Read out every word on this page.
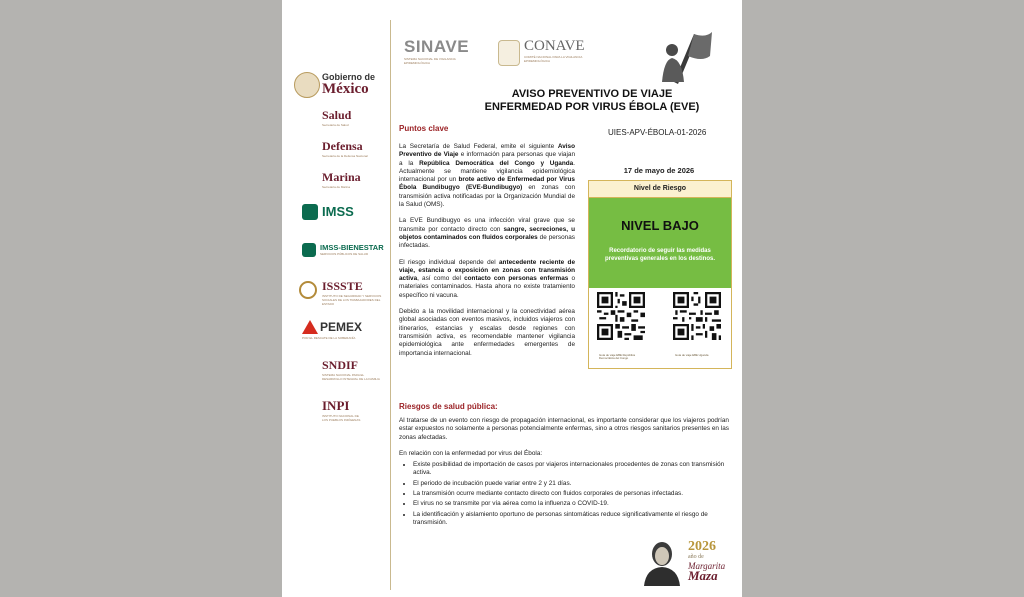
Gobierno de
México
Salud
Secretaría de Salud
Defensa
Secretaría de la Defensa Nacional
Marina
Secretaría de Marina
IMSS
IMSS-BIENESTAR
SERVICIOS PÚBLICOS DE SALUD
ISSSTE
INSTITUTO DE SEGURIDAD Y SERVICIOS SOCIALES DE LOS TRABAJADORES DEL ESTADO
PEMEX
POR EL RESCATE DE LA SOBERANÍA
SNDIF
SISTEMA NACIONAL PARA EL DESARROLLO INTEGRAL DE LA FAMILIA
INPI
INSTITUTO NACIONAL DE LOS PUEBLOS INDÍGENAS
SINAVE
SISTEMA NACIONAL DE VIGILANCIA EPIDEMIOLÓGICA
CONAVE
COMITÉ NACIONAL PARA LA VIGILANCIA EPIDEMIOLÓGICA
AVISO PREVENTIVO DE VIAJE
ENFERMEDAD POR VIRUS ÉBOLA (EVE)
UIES-APV-ÉBOLA-01-2026
Puntos clave
La Secretaría de Salud Federal, emite el siguiente Aviso Preventivo de Viaje e información para personas que viajan a la República Democrática del Congo y Uganda. Actualmente se mantiene vigilancia epidemiológica internacional por un brote activo de Enfermedad por Virus Ébola Bundibugyo (EVE-Bundibugyo) en zonas con transmisión activa notificadas por la Organización Mundial de la Salud (OMS).
La EVE Bundibugyo es una infección viral grave que se transmite por contacto directo con sangre, secreciones, u objetos contaminados con fluidos corporales de personas infectadas.
El riesgo individual depende del antecedente reciente de viaje, estancia o exposición en zonas con transmisión activa, así como del contacto con personas enfermas o materiales contaminados. Hasta ahora no existe tratamiento específico ni vacuna.
Debido a la movilidad internacional y la conectividad aérea global asociadas con eventos masivos, incluidos viajeros con itinerarios, estancias y escalas desde regiones con transmisión activa, es recomendable mantener vigilancia epidemiológica ante enfermedades emergentes de importancia internacional.
17 de mayo de 2026
Nivel de Riesgo
NIVEL BAJO
Recordatorio de seguir las medidas preventivas generales en los destinos.
Guía de viaje EBE República Democrática del Congo
Guía de viaje EBE Uganda
Riesgos de salud pública:
Al tratarse de un evento con riesgo de propagación internacional, es importante considerar que los viajeros podrían estar expuestos no solamente a personas potencialmente enfermas, sino a otros riesgos sanitarios presentes en las zonas afectadas.
En relación con la enfermedad por virus del Ébola:
• Existe posibilidad de importación de casos por viajeros internacionales procedentes de zonas con transmisión activa.
• El periodo de incubación puede variar entre 2 y 21 días.
• La transmisión ocurre mediante contacto directo con fluidos corporales de personas infectadas.
• El virus no se transmite por vía aérea como la influenza o COVID-19.
• La identificación y aislamiento oportuno de personas sintomáticas reduce significativamente el riesgo de transmisión.
2026
año de
Margarita
Maza
